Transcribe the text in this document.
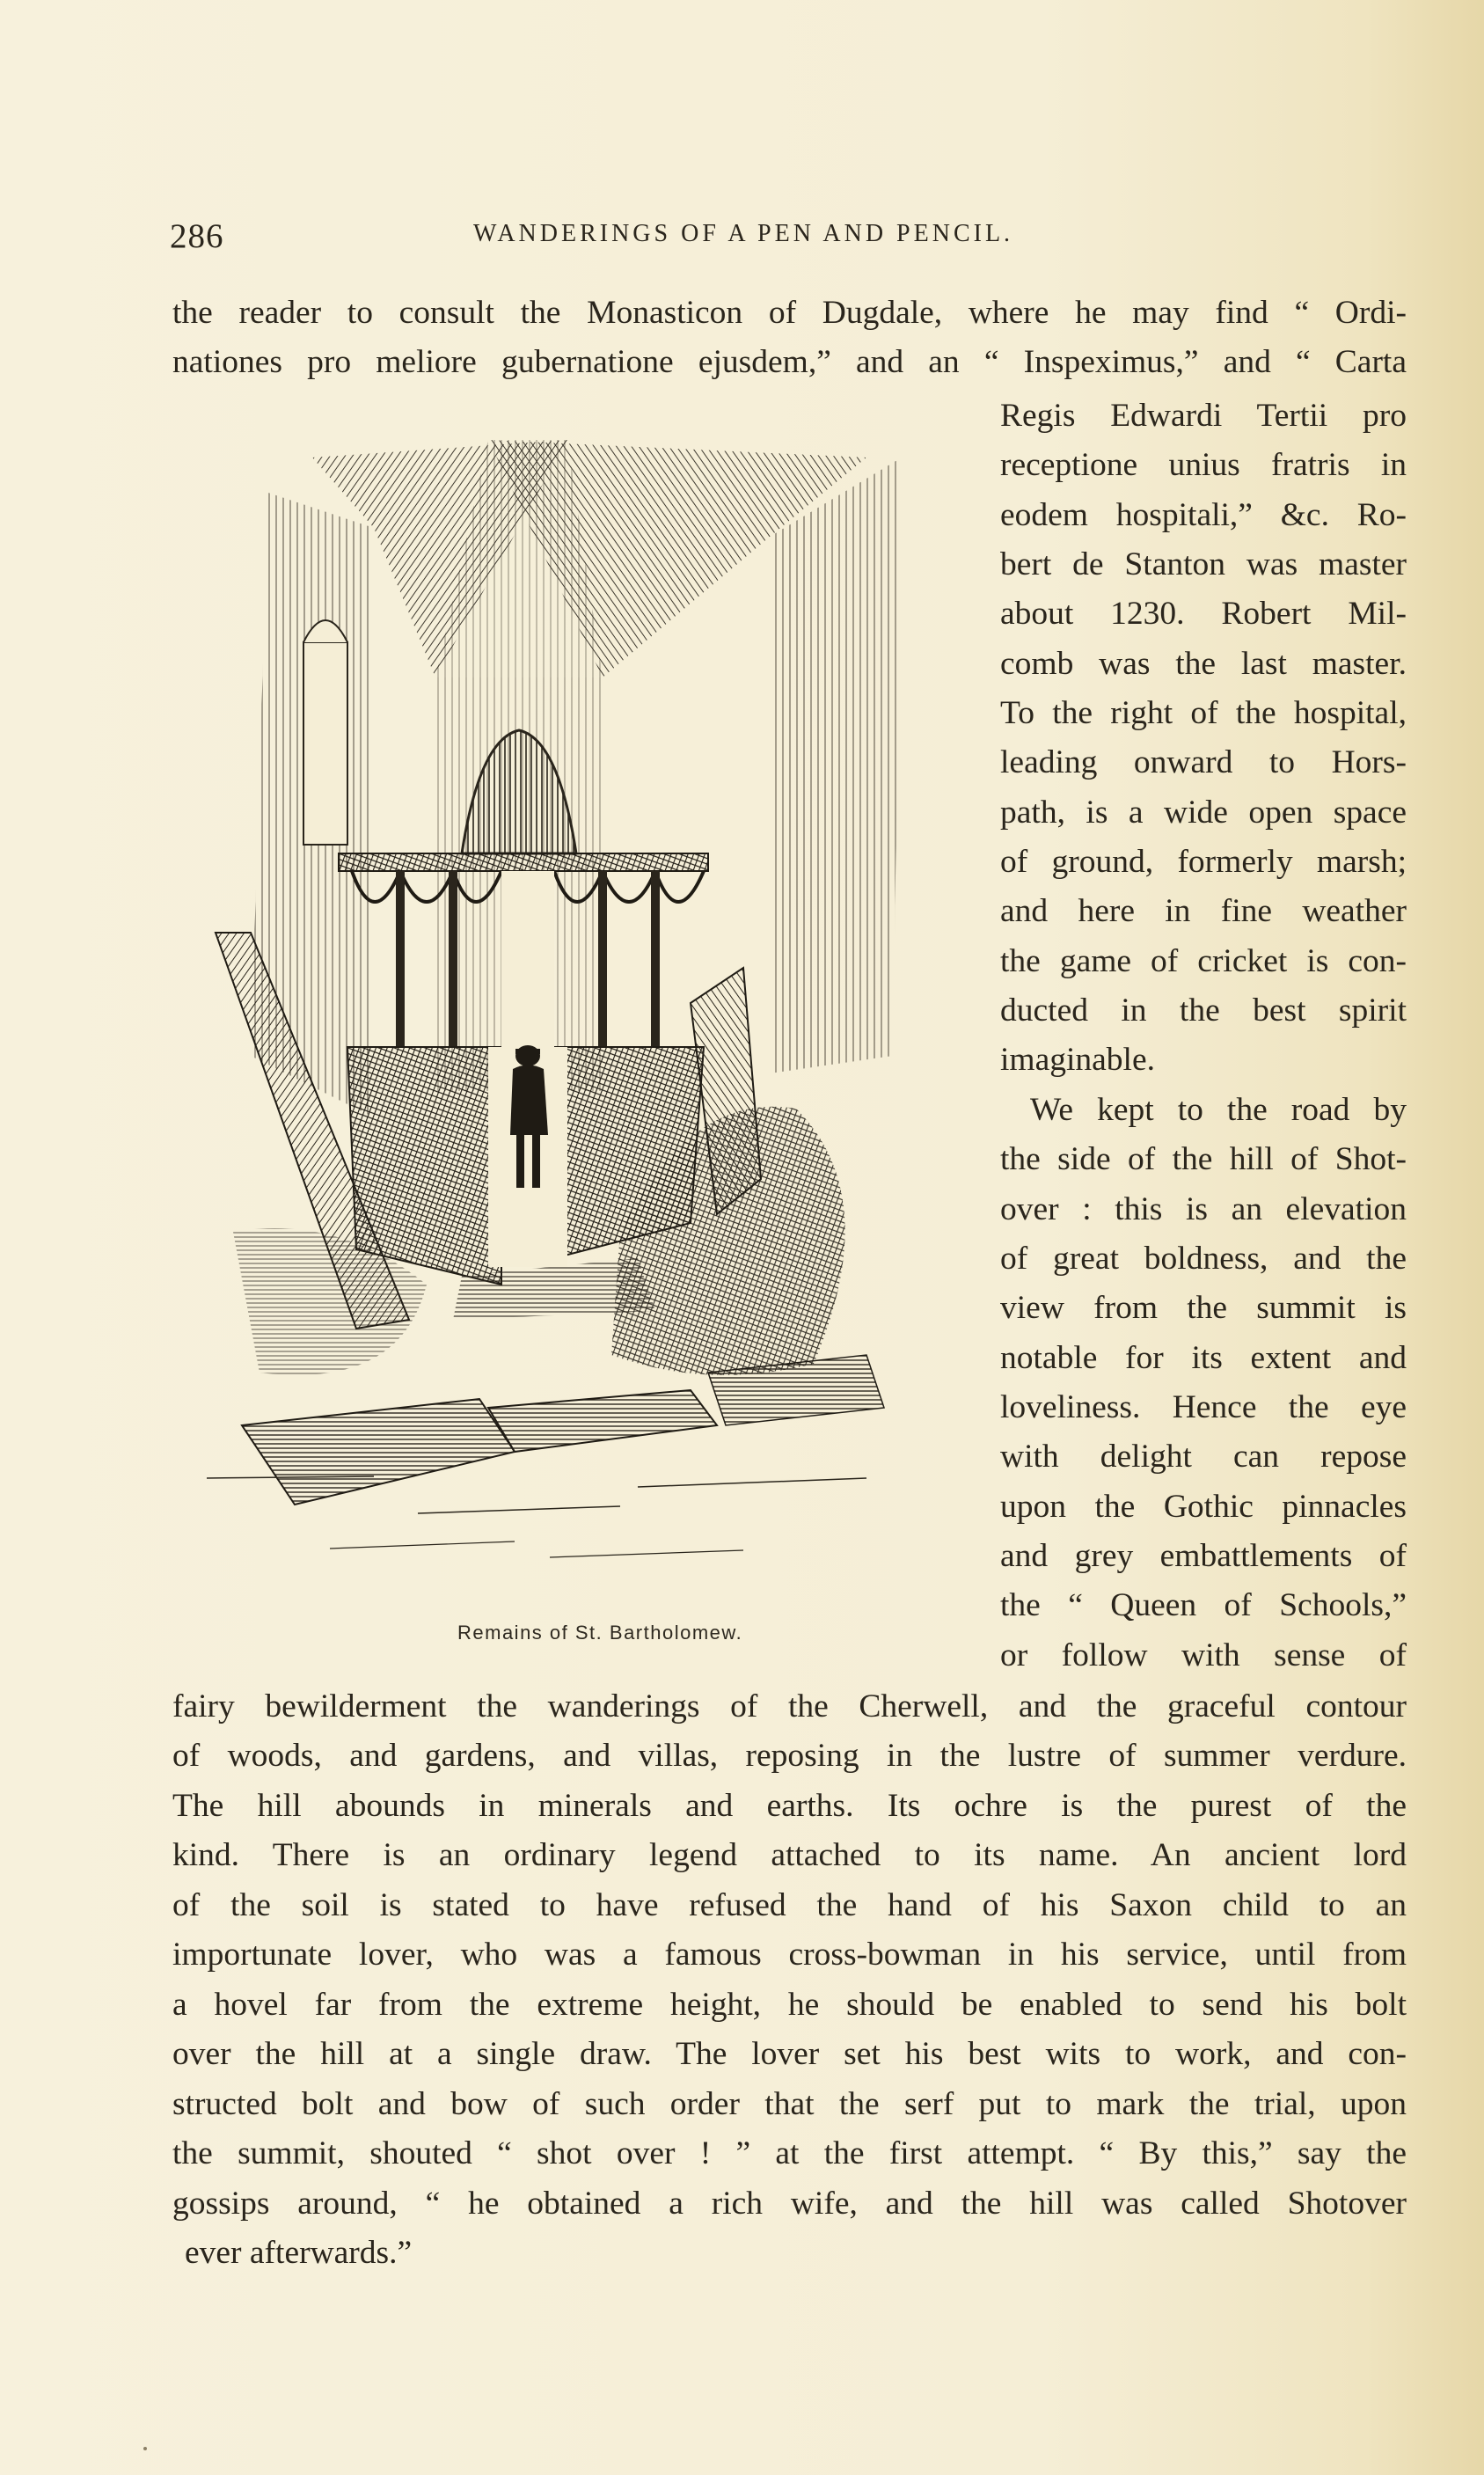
286	WANDERINGS OF A PEN AND PENCIL.
the reader to consult the Monasticon of Dugdale, where he may find “ Ordi-
nationes pro meliore gubernatione ejusdem,” and an “ Inspeximus,” and “ Carta
Regis Edwardi Tertii pro
receptione unius fratris in
eodem hospitali,” &c. Ro-
bert de Stanton was master
about 1230. Robert Mil-
comb was the last master.
To the right of the hospital,
leading onward to Hors-
path, is a wide open space
of ground, formerly marsh;
and here in fine weather
the game of cricket is con-
ducted in the best spirit
imaginable.
We kept to the road by
the side of the hill of Shot-
over : this is an elevation
of great boldness, and the
view from the summit is
notable for its extent and
loveliness. Hence the eye
with delight can repose
upon the Gothic pinnacles
and grey embattlements of
the “ Queen of Schools,”
or follow with sense of
fairy bewilderment the wanderings of the Cherwell, and the graceful contour
of woods, and gardens, and villas, reposing in the lustre of summer verdure.
The hill abounds in minerals and earths. Its ochre is the purest of the
kind. There is an ordinary legend attached to its name. An ancient lord
of the soil is stated to have refused the hand of his Saxon child to an
importunate lover, who was a famous cross-bowman in his service, until from
a hovel far from the extreme height, he should be enabled to send his bolt
over the hill at a single draw. The lover set his best wits to work, and con-
structed bolt and bow of such order that the serf put to mark the trial, upon
the summit, shouted “ shot over ! ” at the first attempt. “ By this,” say the
gossips around, “ he obtained a rich wife, and the hill was called Shotover
ever afterwards.”
Remains of St. Bartholomew.
